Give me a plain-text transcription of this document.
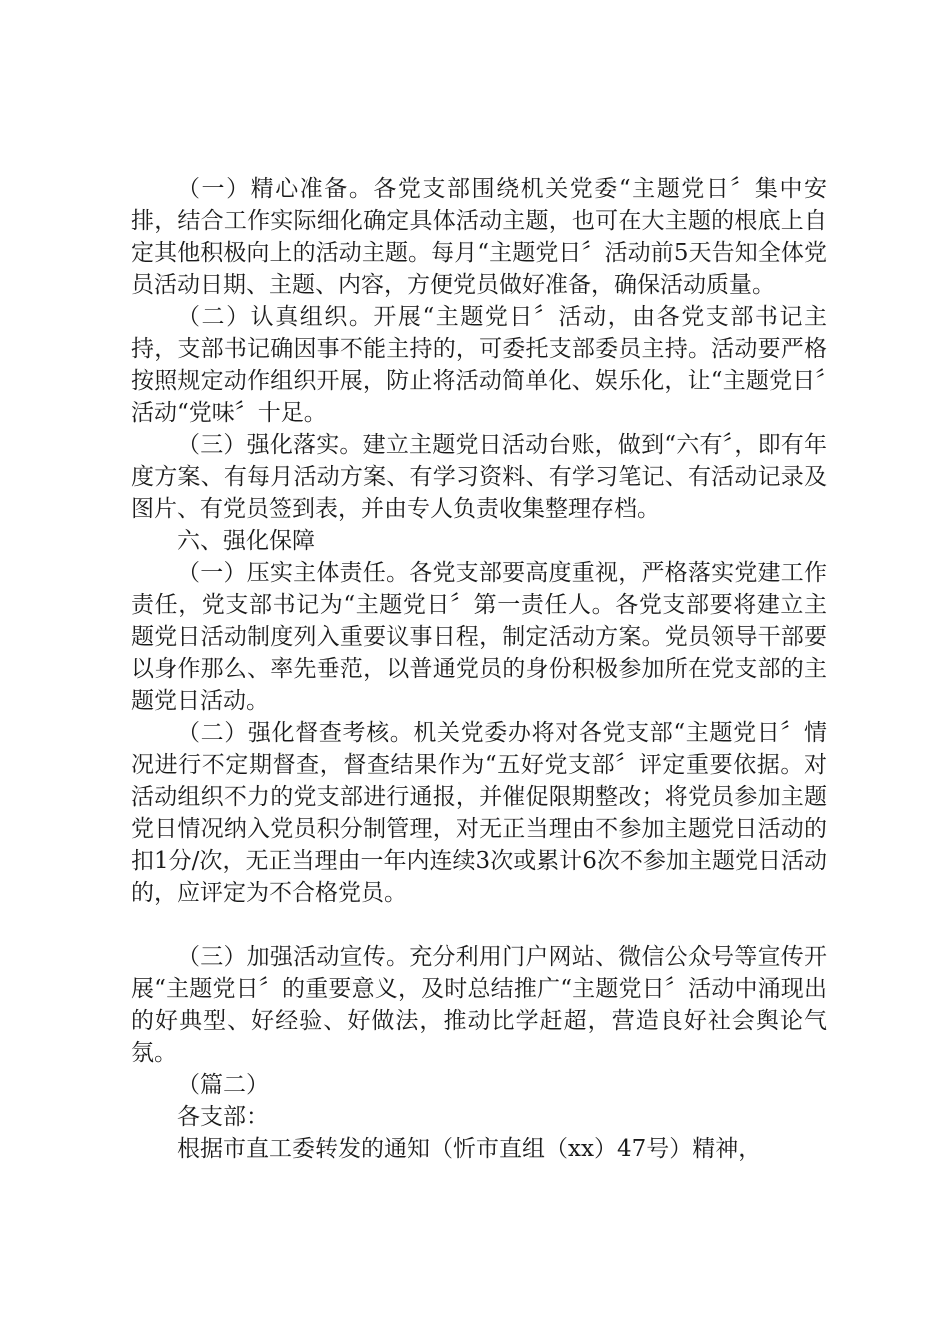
（一）精心准备。各党支部围绕机关党委“主题党日〞集中安排，结合工作实际细化确定具体活动主题，也可在大主题的根底上自定其他积极向上的活动主题。每月“主题党日〞活动前5天告知全体党员活动日期、主题、内容，方便党员做好准备，确保活动质量。

（二）认真组织。开展“主题党日〞活动，由各党支部书记主持，支部书记确因事不能主持的，可委托支部委员主持。活动要严格按照规定动作组织开展，防止将活动简单化、娱乐化，让“主题党日〞活动“党味〞十足。

（三）强化落实。建立主题党日活动台账，做到“六有〞，即有年度方案、有每月活动方案、有学习资料、有学习笔记、有活动记录及图片、有党员签到表，并由专人负责收集整理存档。

六、强化保障

（一）压实主体责任。各党支部要高度重视，严格落实党建工作责任，党支部书记为“主题党日〞第一责任人。各党支部要将建立主题党日活动制度列入重要议事日程，制定活动方案。党员领导干部要以身作那么、率先垂范，以普通党员的身份积极参加所在党支部的主题党日活动。

（二）强化督查考核。机关党委办将对各党支部“主题党日〞情况进行不定期督查，督查结果作为“五好党支部〞评定重要依据。对活动组织不力的党支部进行通报，并催促限期整改；将党员参加主题党日情况纳入党员积分制管理，对无正当理由不参加主题党日活动的扣1分/次，无正当理由一年内连续3次或累计6次不参加主题党日活动的，应评定为不合格党员。

（三）加强活动宣传。充分利用门户网站、微信公众号等宣传开展“主题党日〞的重要意义，及时总结推广“主题党日〞活动中涌现出的好典型、好经验、好做法，推动比学赶超，营造良好社会舆论气氛。

（篇二）

各支部：

根据市直工委转发的通知（忻市直组（xx）47号）精神，
